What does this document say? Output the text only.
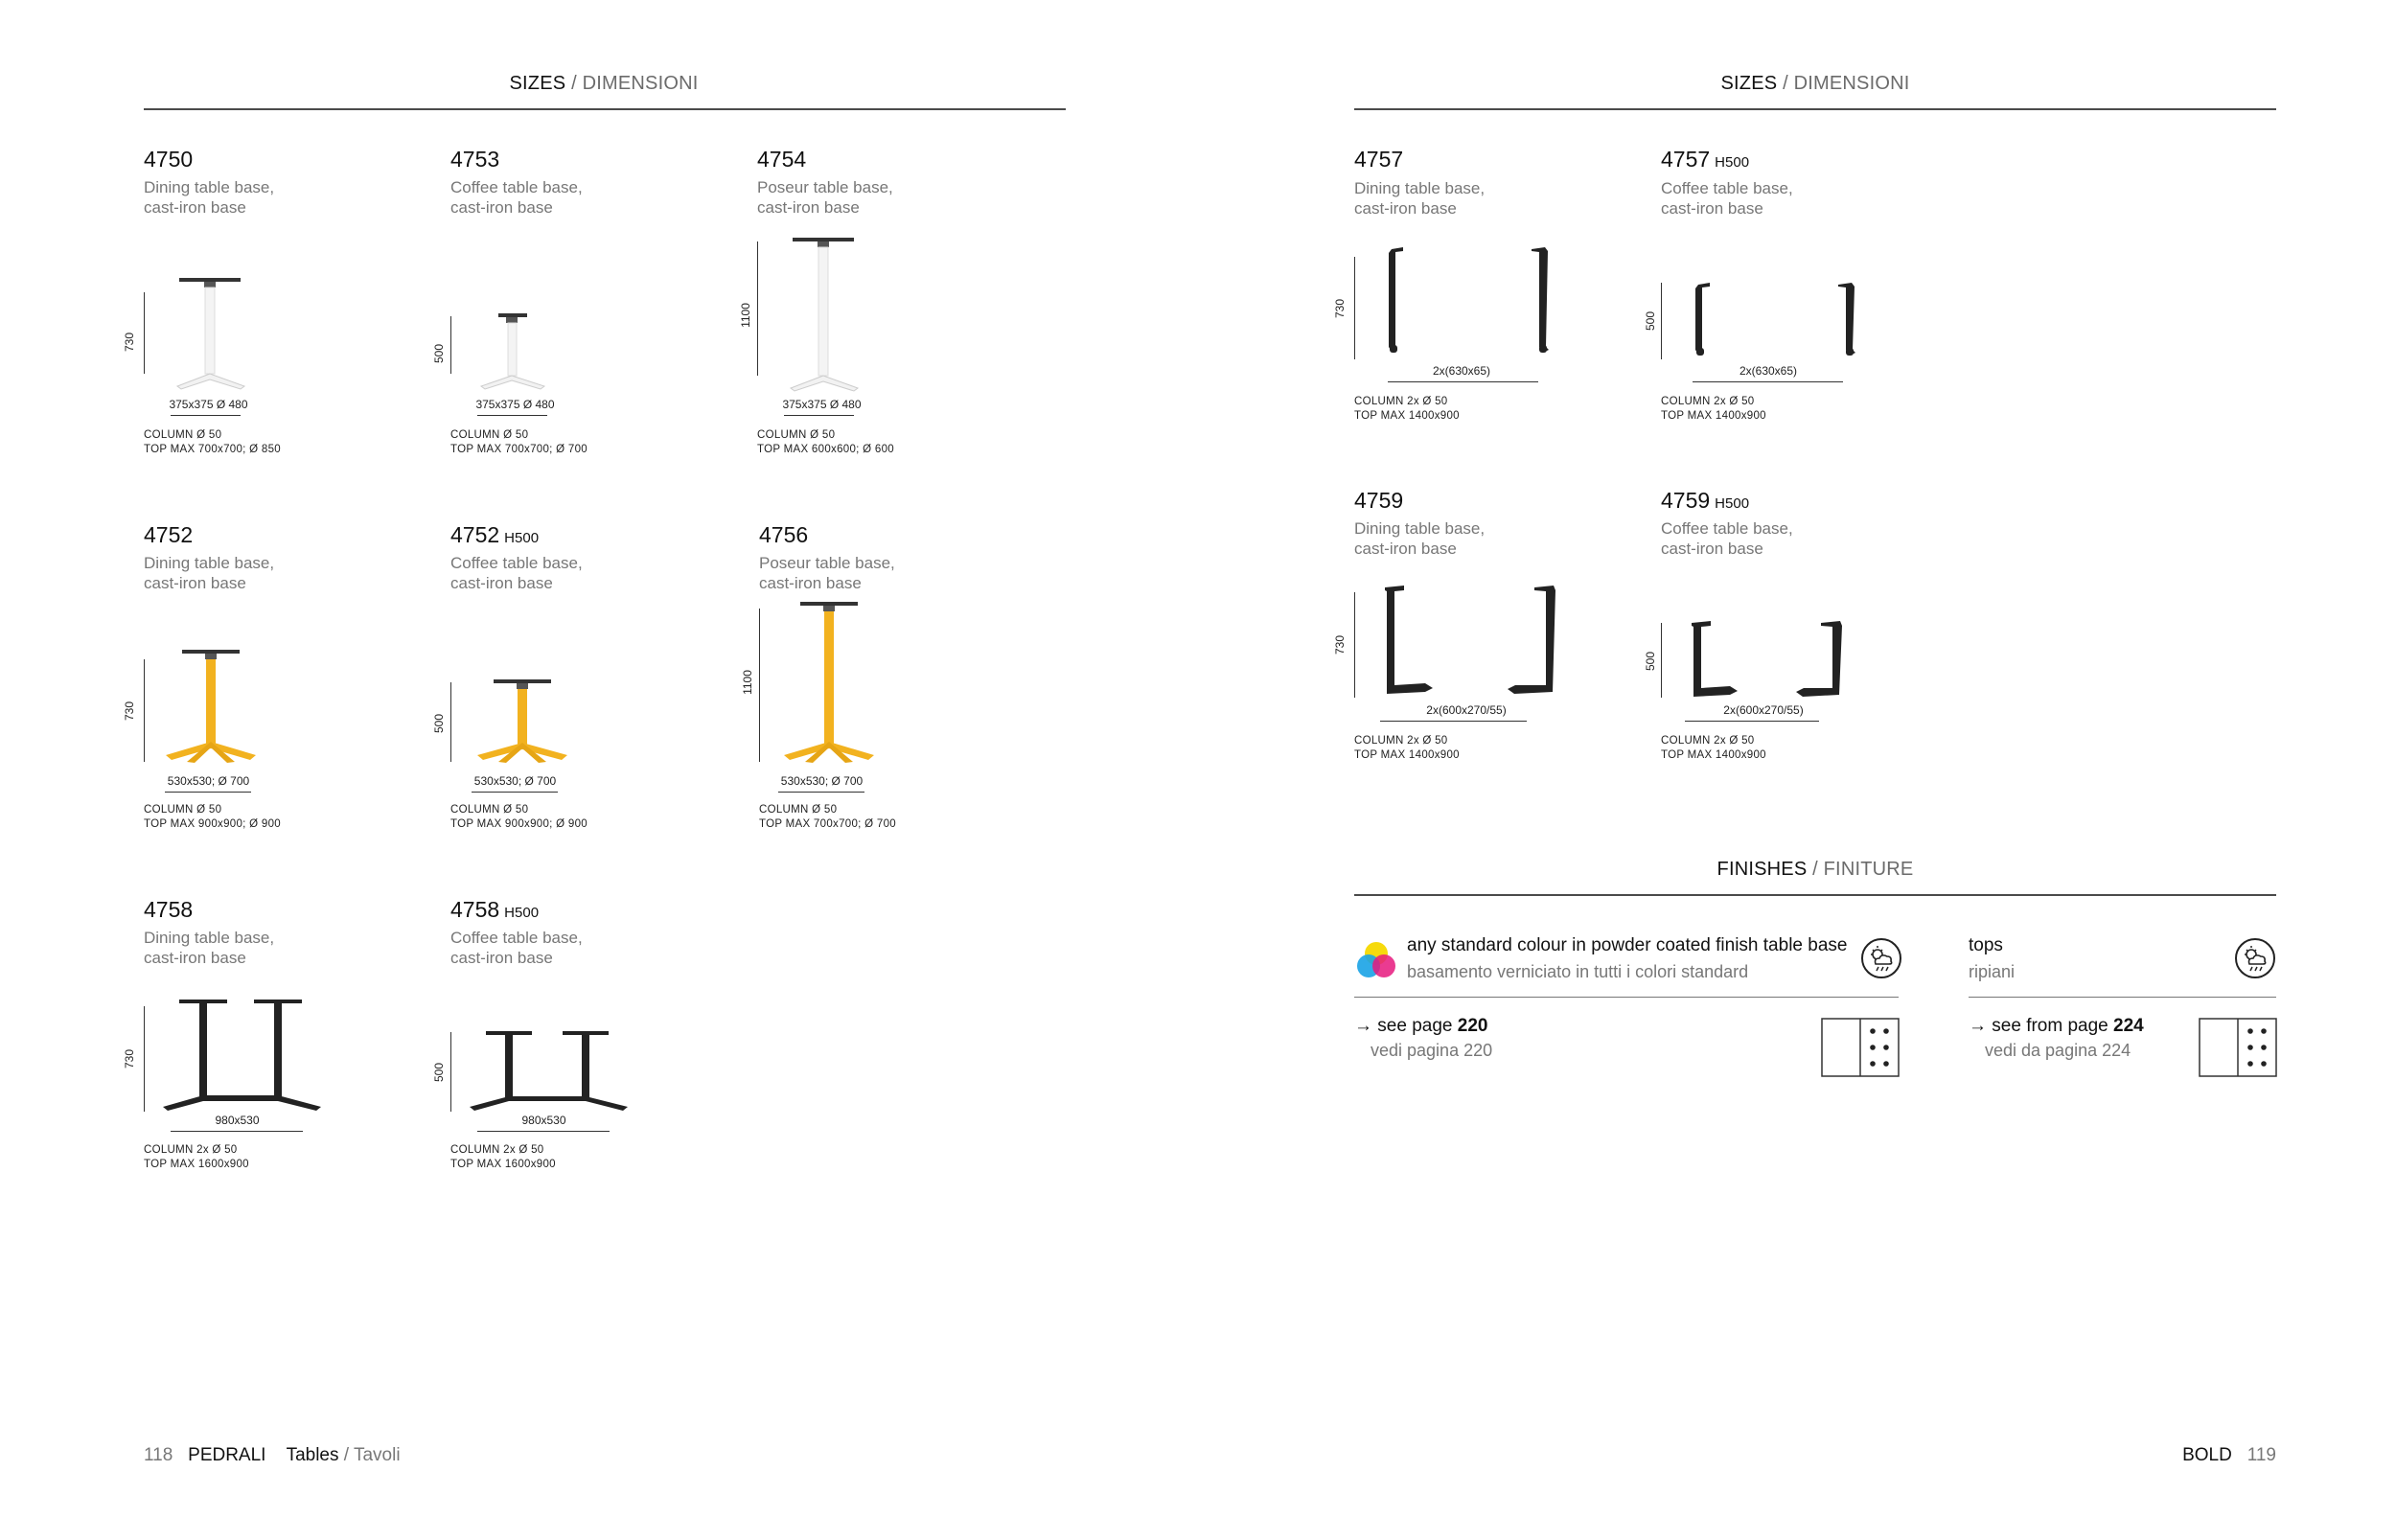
SIZES / DIMENSIONI	SIZES / DIMENSIONI
4750
Dining table base,
cast-iron base
730
375x375 Ø 480
COLUMN Ø 50
TOP MAX 700x700; Ø 850
4753
Coffee table base,
cast-iron base
500
375x375 Ø 480
COLUMN Ø 50
TOP MAX 700x700; Ø 700
4754
Poseur table base,
cast-iron base
1100
375x375 Ø 480
COLUMN Ø 50
TOP MAX 600x600; Ø 600
4752
Dining table base,
cast-iron base
730
530x530; Ø 700
COLUMN Ø 50
TOP MAX 900x900; Ø 900
4752 H500
Coffee table base,
cast-iron base
500
530x530; Ø 700
COLUMN Ø 50
TOP MAX 900x900; Ø 900
4756
Poseur table base,
cast-iron base
1100
530x530; Ø 700
COLUMN Ø 50
TOP MAX 700x700; Ø 700
4758
Dining table base,
cast-iron base
730
980x530
COLUMN 2x Ø 50
TOP MAX 1600x900
4758 H500
Coffee table base,
cast-iron base
500
980x530
COLUMN 2x Ø 50
TOP MAX 1600x900
4757
Dining table base,
cast-iron base
730
2x(630x65)
COLUMN 2x Ø 50
TOP MAX 1400x900
4757 H500
Coffee table base,
cast-iron base
500
2x(630x65)
COLUMN 2x Ø 50
TOP MAX 1400x900
4759
Dining table base,
cast-iron base
730
2x(600x270/55)
COLUMN 2x Ø 50
TOP MAX 1400x900
4759 H500
Coffee table base,
cast-iron base
500
2x(600x270/55)
COLUMN 2x Ø 50
TOP MAX 1400x900
FINISHES / FINITURE
any standard colour in powder coated finish table base
basamento verniciato in tutti i colori standard
→ see page 220
vedi pagina 220
tops
ripiani
→ see from page 224
vedi da pagina 224
118 PEDRALI Tables / Tavoli	BOLD 119
